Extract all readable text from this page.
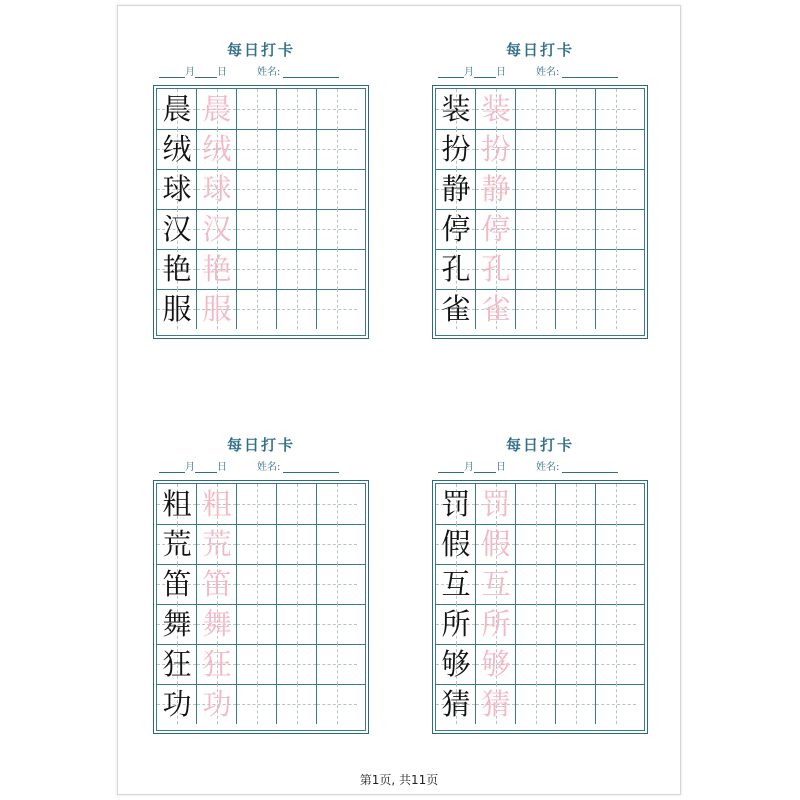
每日打卡
月 日	姓名:
晨 晨
绒 绒
球 球
汉 汉
艳 艳
服 服
每日打卡
月 日	姓名:
装 装
扮 扮
静 静
停 停
孔 孔
雀 雀
每日打卡
月 日	姓名:
粗 粗
荒 荒
笛 笛
舞 舞
狂 狂
功 功
每日打卡
月 日	姓名:
罚 罚
假 假
互 互
所 所
够 够
猜 猜
第1页, 共11页
